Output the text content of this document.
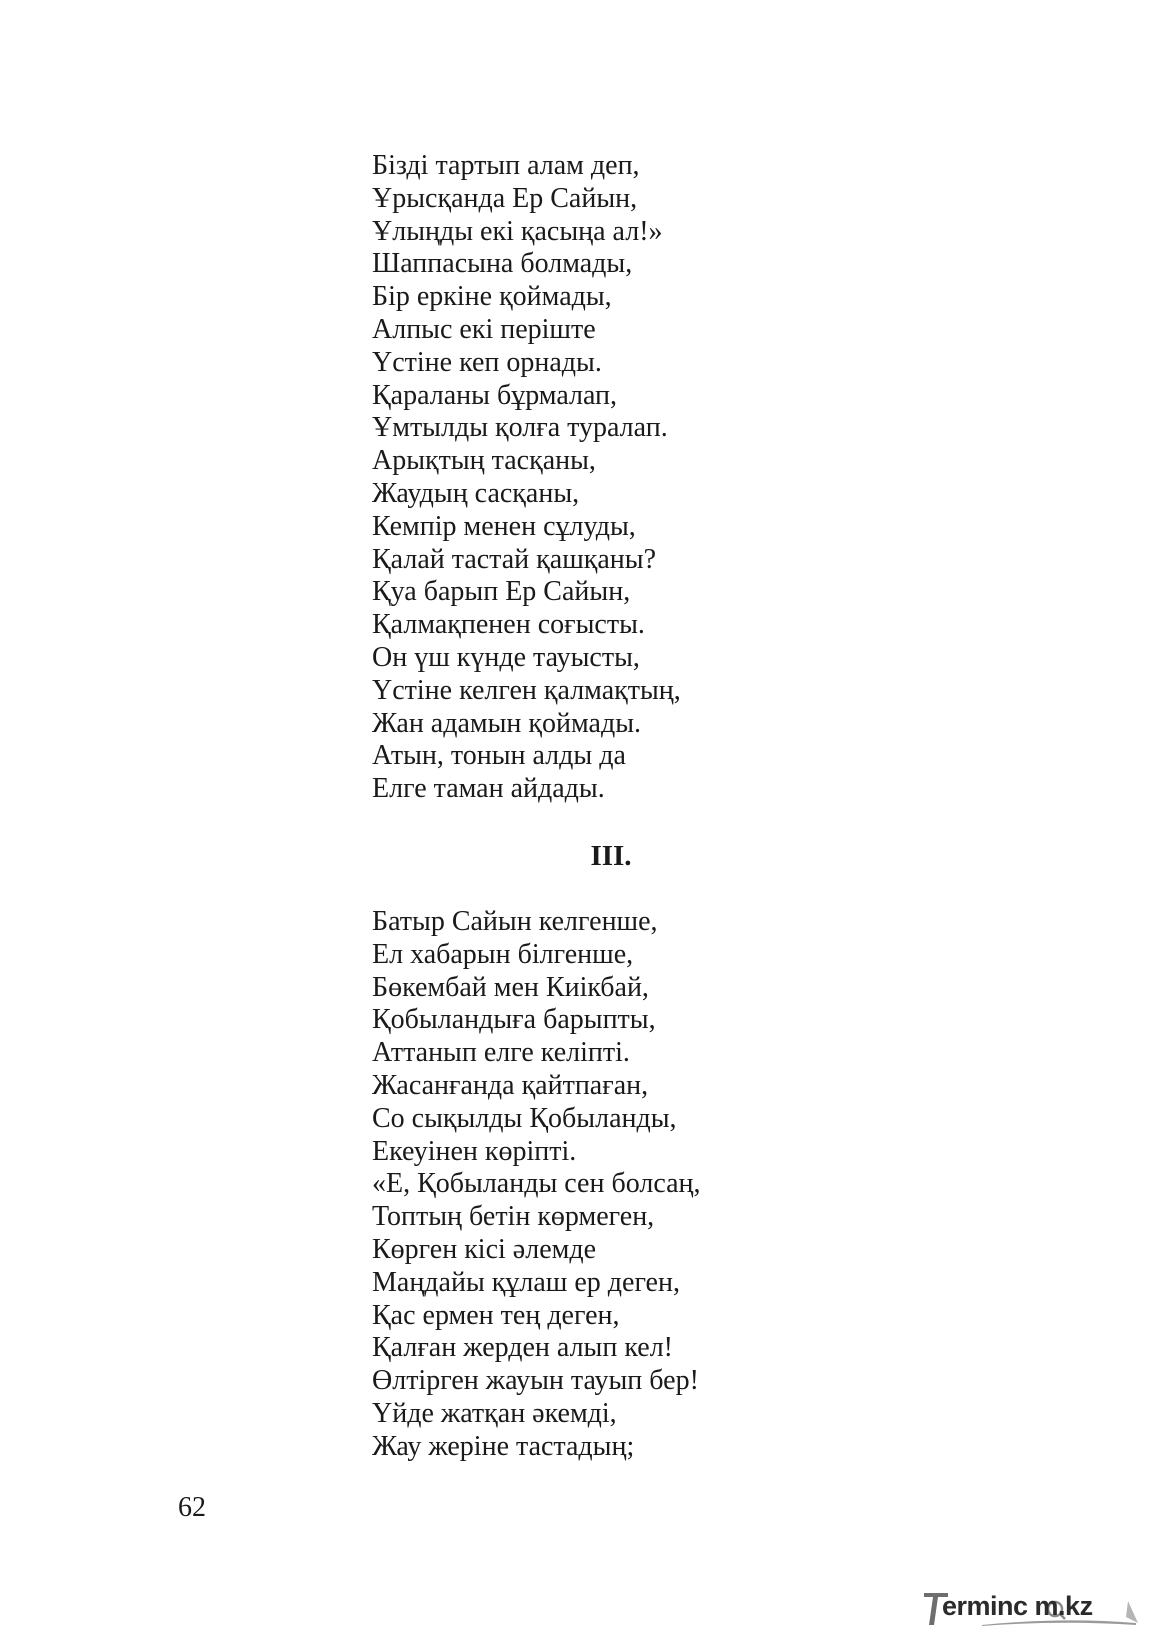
Бізді тартып алам деп,
Ұрысқанда Ер Сайын,
Ұлыңды екі қасыңа ал!»
Шаппасына болмады,
Бір еркіне қоймады,
Алпыс екі періште
Үстіне кеп орнады.
Қараланы бұрмалап,
Ұмтылды қолға туралап.
Арықтың тасқаны,
Жаудың сасқаны,
Кемпір менен сұлуды,
Қалай тастай қашқаны?
Қуа барып Ер Сайын,
Қалмақпенен соғысты.
Он үш күнде тауысты,
Үстіне келген қалмақтың,
Жан адамын қоймады.
Атын, тонын алды да
Елге таман айдады.
ІІІ.
Батыр Сайын келгенше,
Ел хабарын білгенше,
Бөкембай мен Киікбай,
Қобыландыға барыпты,
Аттанып елге келіпті.
Жасанғанда қайтпаған,
Со сықылды Қобыланды,
Екеуінен көріпті.
«Е, Қобыланды сен болсаң,
Топтың бетін көрмеген,
Көрген кісі әлемде
Маңдайы құлаш ер деген,
Қас ермен тең деген,
Қалған жерден алып кел!
Өлтірген жауын тауып бер!
Үйде жатқан әкемді,
Жау жеріне тастадың;
62
erminc m.kz
